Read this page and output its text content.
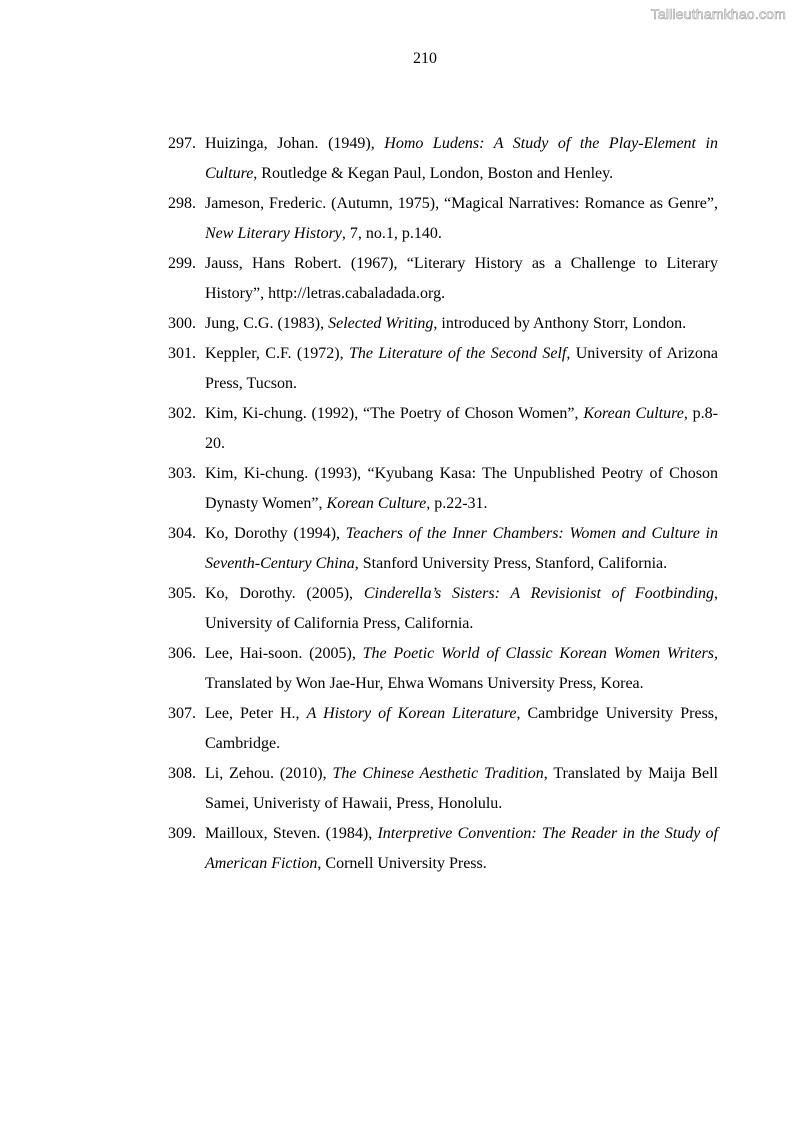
Tailieuthamkhao.com
210
297. Huizinga, Johan. (1949), Homo Ludens: A Study of the Play-Element in Culture, Routledge & Kegan Paul, London, Boston and Henley.
298. Jameson, Frederic. (Autumn, 1975), “Magical Narratives: Romance as Genre”, New Literary History, 7, no.1, p.140.
299. Jauss, Hans Robert. (1967), “Literary History as a Challenge to Literary History”, http://letras.cabaladada.org.
300. Jung, C.G. (1983), Selected Writing, introduced by Anthony Storr, London.
301. Keppler, C.F. (1972), The Literature of the Second Self, University of Arizona Press, Tucson.
302. Kim, Ki-chung. (1992), “The Poetry of Choson Women”, Korean Culture, p.8-20.
303. Kim, Ki-chung. (1993), “Kyubang Kasa: The Unpublished Peotry of Choson Dynasty Women”, Korean Culture, p.22-31.
304. Ko, Dorothy (1994), Teachers of the Inner Chambers: Women and Culture in Seventh-Century China, Stanford University Press, Stanford, California.
305. Ko, Dorothy. (2005), Cinderella’s Sisters: A Revisionist of Footbinding, University of California Press, California.
306. Lee, Hai-soon. (2005), The Poetic World of Classic Korean Women Writers, Translated by Won Jae-Hur, Ehwa Womans University Press, Korea.
307. Lee, Peter H., A History of Korean Literature, Cambridge University Press, Cambridge.
308. Li, Zehou. (2010), The Chinese Aesthetic Tradition, Translated by Maija Bell Samei, Univeristy of Hawaii, Press, Honolulu.
309. Mailloux, Steven. (1984), Interpretive Convention: The Reader in the Study of American Fiction, Cornell University Press.
